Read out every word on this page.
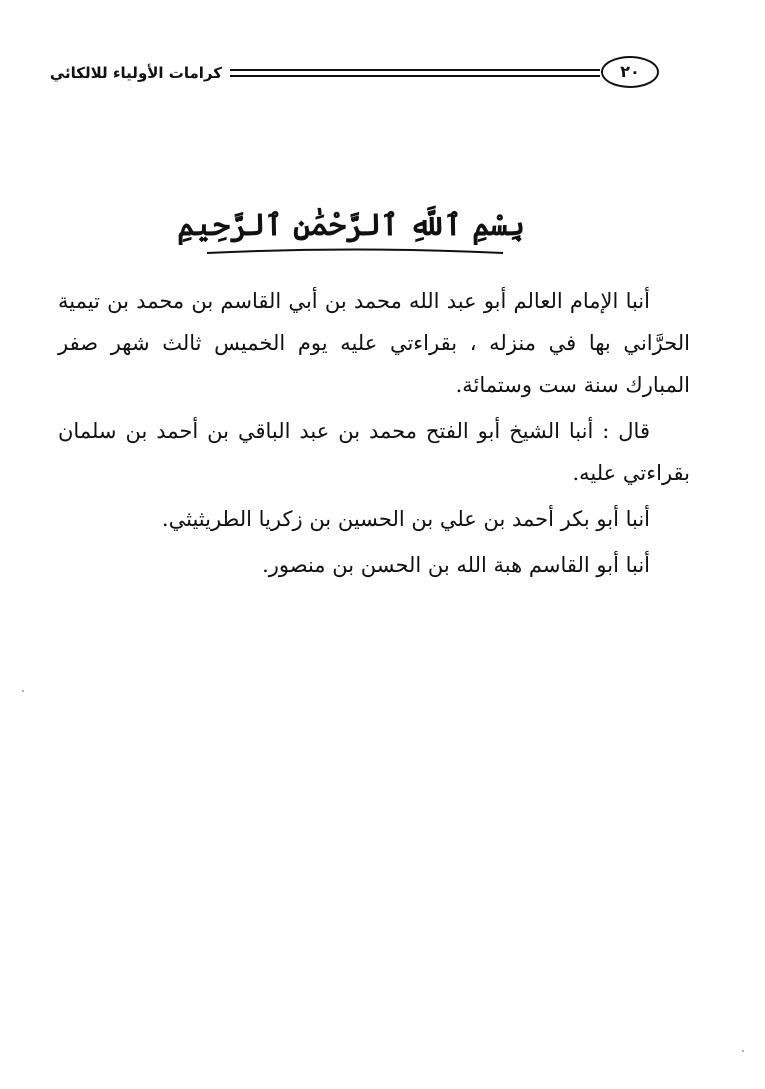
كرامات الأولياء للالكائي	٢٠
بِسْمِ ٱللَّهِ ٱلرَّحْمَٰنِ ٱلرَّحِيمِ

أنبا الإمام العالم أبو عبد الله محمد بن أبي القاسم بن محمد بن تيمية الحرَّاني بها في منزله ، بقراءتي عليه يوم الخميس ثالث شهر صفر المبارك سنة ست وستمائة.

قال : أنبا الشيخ أبو الفتح محمد بن عبد الباقي بن أحمد بن سلمان بقراءتي عليه.

أنبا أبو بكر أحمد بن علي بن الحسين بن زكريا الطريثيثي.

أنبا أبو القاسم هبة الله بن الحسن بن منصور.
